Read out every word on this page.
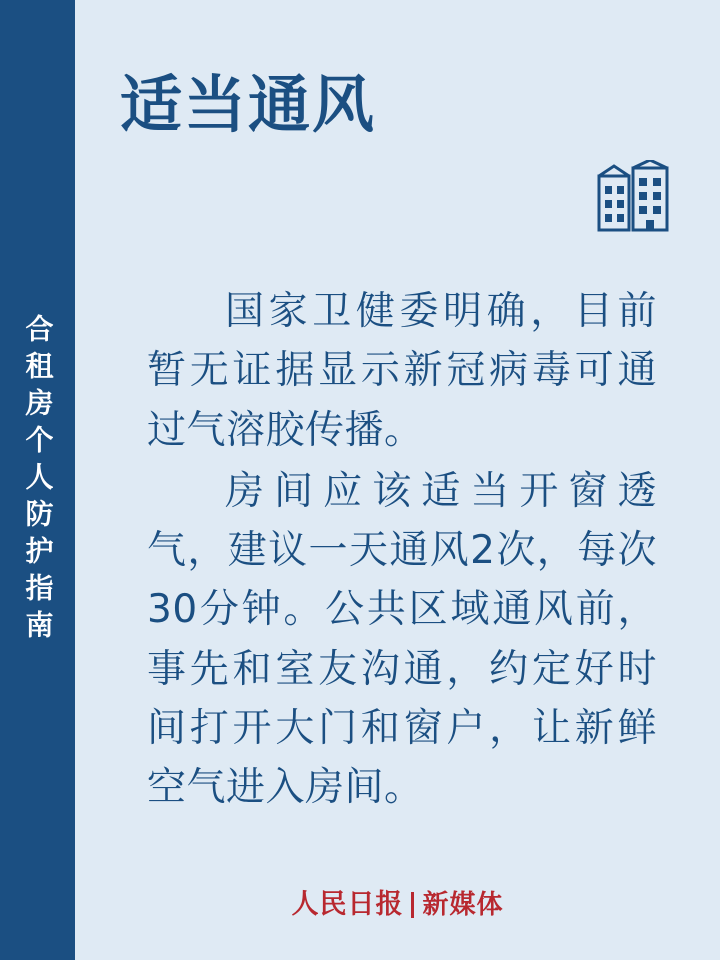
合租房个人防护指南
适当通风

国家卫健委明确，目前暂无证据显示新冠病毒可通过气溶胶传播。

房间应该适当开窗透气，建议一天通风2次，每次30分钟。公共区域通风前，事先和室友沟通，约定好时间打开大门和窗户，让新鲜空气进入房间。

人民日报 新媒体
